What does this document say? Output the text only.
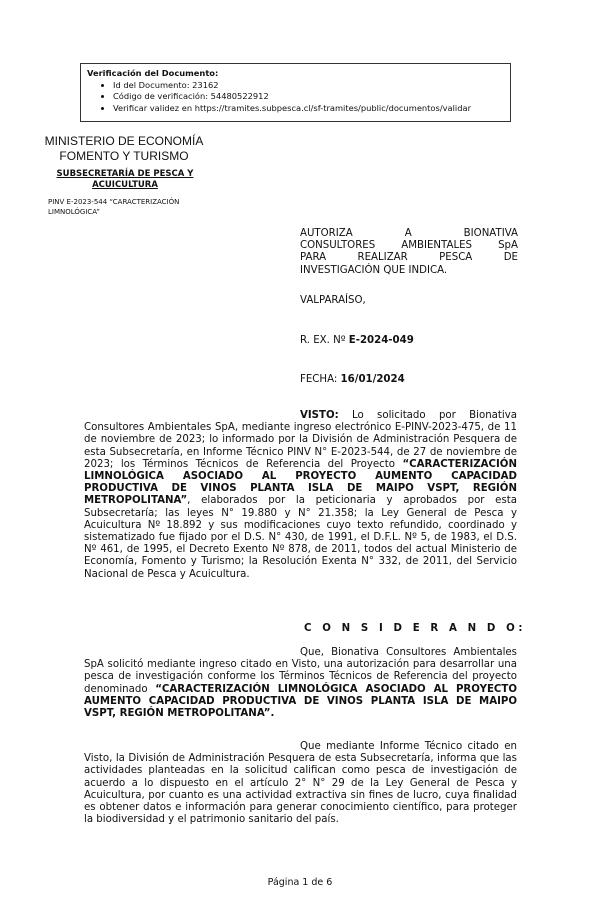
Verificación del Documento:
• Id del Documento: 23162
• Código de verificación: 54480522912
• Verificar validez en https://tramites.subpesca.cl/sf-tramites/public/documentos/validar
MINISTERIO DE ECONOMÍA
FOMENTO Y TURISMO
SUBSECRETARÍA DE PESCA Y
ACUICULTURA
PINV E-2023-544 “CARACTERIZACIÓN
LIMNOLÓGICA”
AUTORIZA A BIONATIVA
CONSULTORES AMBIENTALES SpA
PARA REALIZAR PESCA DE
INVESTIGACIÓN QUE INDICA.
VALPARAÍSO,
R. EX. Nº E-2024-049
FECHA: 16/01/2024

VISTO: Lo solicitado por Bionativa Consultores Ambientales SpA, mediante ingreso electrónico E-PINV-2023-475, de 11 de noviembre de 2023; lo informado por la División de Administración Pesquera de esta Subsecretaría, en Informe Técnico PINV N° E-2023-544, de 27 de noviembre de 2023; los Términos Técnicos de Referencia del Proyecto “CARACTERIZACIÓN LIMNOLÓGICA ASOCIADO AL PROYECTO AUMENTO CAPACIDAD PRODUCTIVA DE VINOS PLANTA ISLA DE MAIPO VSPT, REGIÓN METROPOLITANA”, elaborados por la peticionaria y aprobados por esta Subsecretaría; las leyes N° 19.880 y N° 21.358; la Ley General de Pesca y Acuicultura Nº 18.892 y sus modificaciones cuyo texto refundido, coordinado y sistematizado fue fijado por el D.S. N° 430, de 1991, el D.F.L. Nº 5, de 1983, el D.S. Nº 461, de 1995, el Decreto Exento Nº 878, de 2011, todos del actual Ministerio de Economía, Fomento y Turismo; la Resolución Exenta N° 332, de 2011, del Servicio Nacional de Pesca y Acuicultura.

C O N S I D E R A N D O:

Que, Bionativa Consultores Ambientales SpA solicitó mediante ingreso citado en Visto, una autorización para desarrollar una pesca de investigación conforme los Términos Técnicos de Referencia del proyecto denominado “CARACTERIZACIÓN LIMNOLÓGICA ASOCIADO AL PROYECTO AUMENTO CAPACIDAD PRODUCTIVA DE VINOS PLANTA ISLA DE MAIPO VSPT, REGIÓN METROPOLITANA”.

Que mediante Informe Técnico citado en Visto, la División de Administración Pesquera de esta Subsecretaría, informa que las actividades planteadas en la solicitud califican como pesca de investigación de acuerdo a lo dispuesto en el artículo 2° N° 29 de la Ley General de Pesca y Acuicultura, por cuanto es una actividad extractiva sin fines de lucro, cuya finalidad es obtener datos e información para generar conocimiento científico, para proteger la biodiversidad y el patrimonio sanitario del país.

Página 1 de 6
